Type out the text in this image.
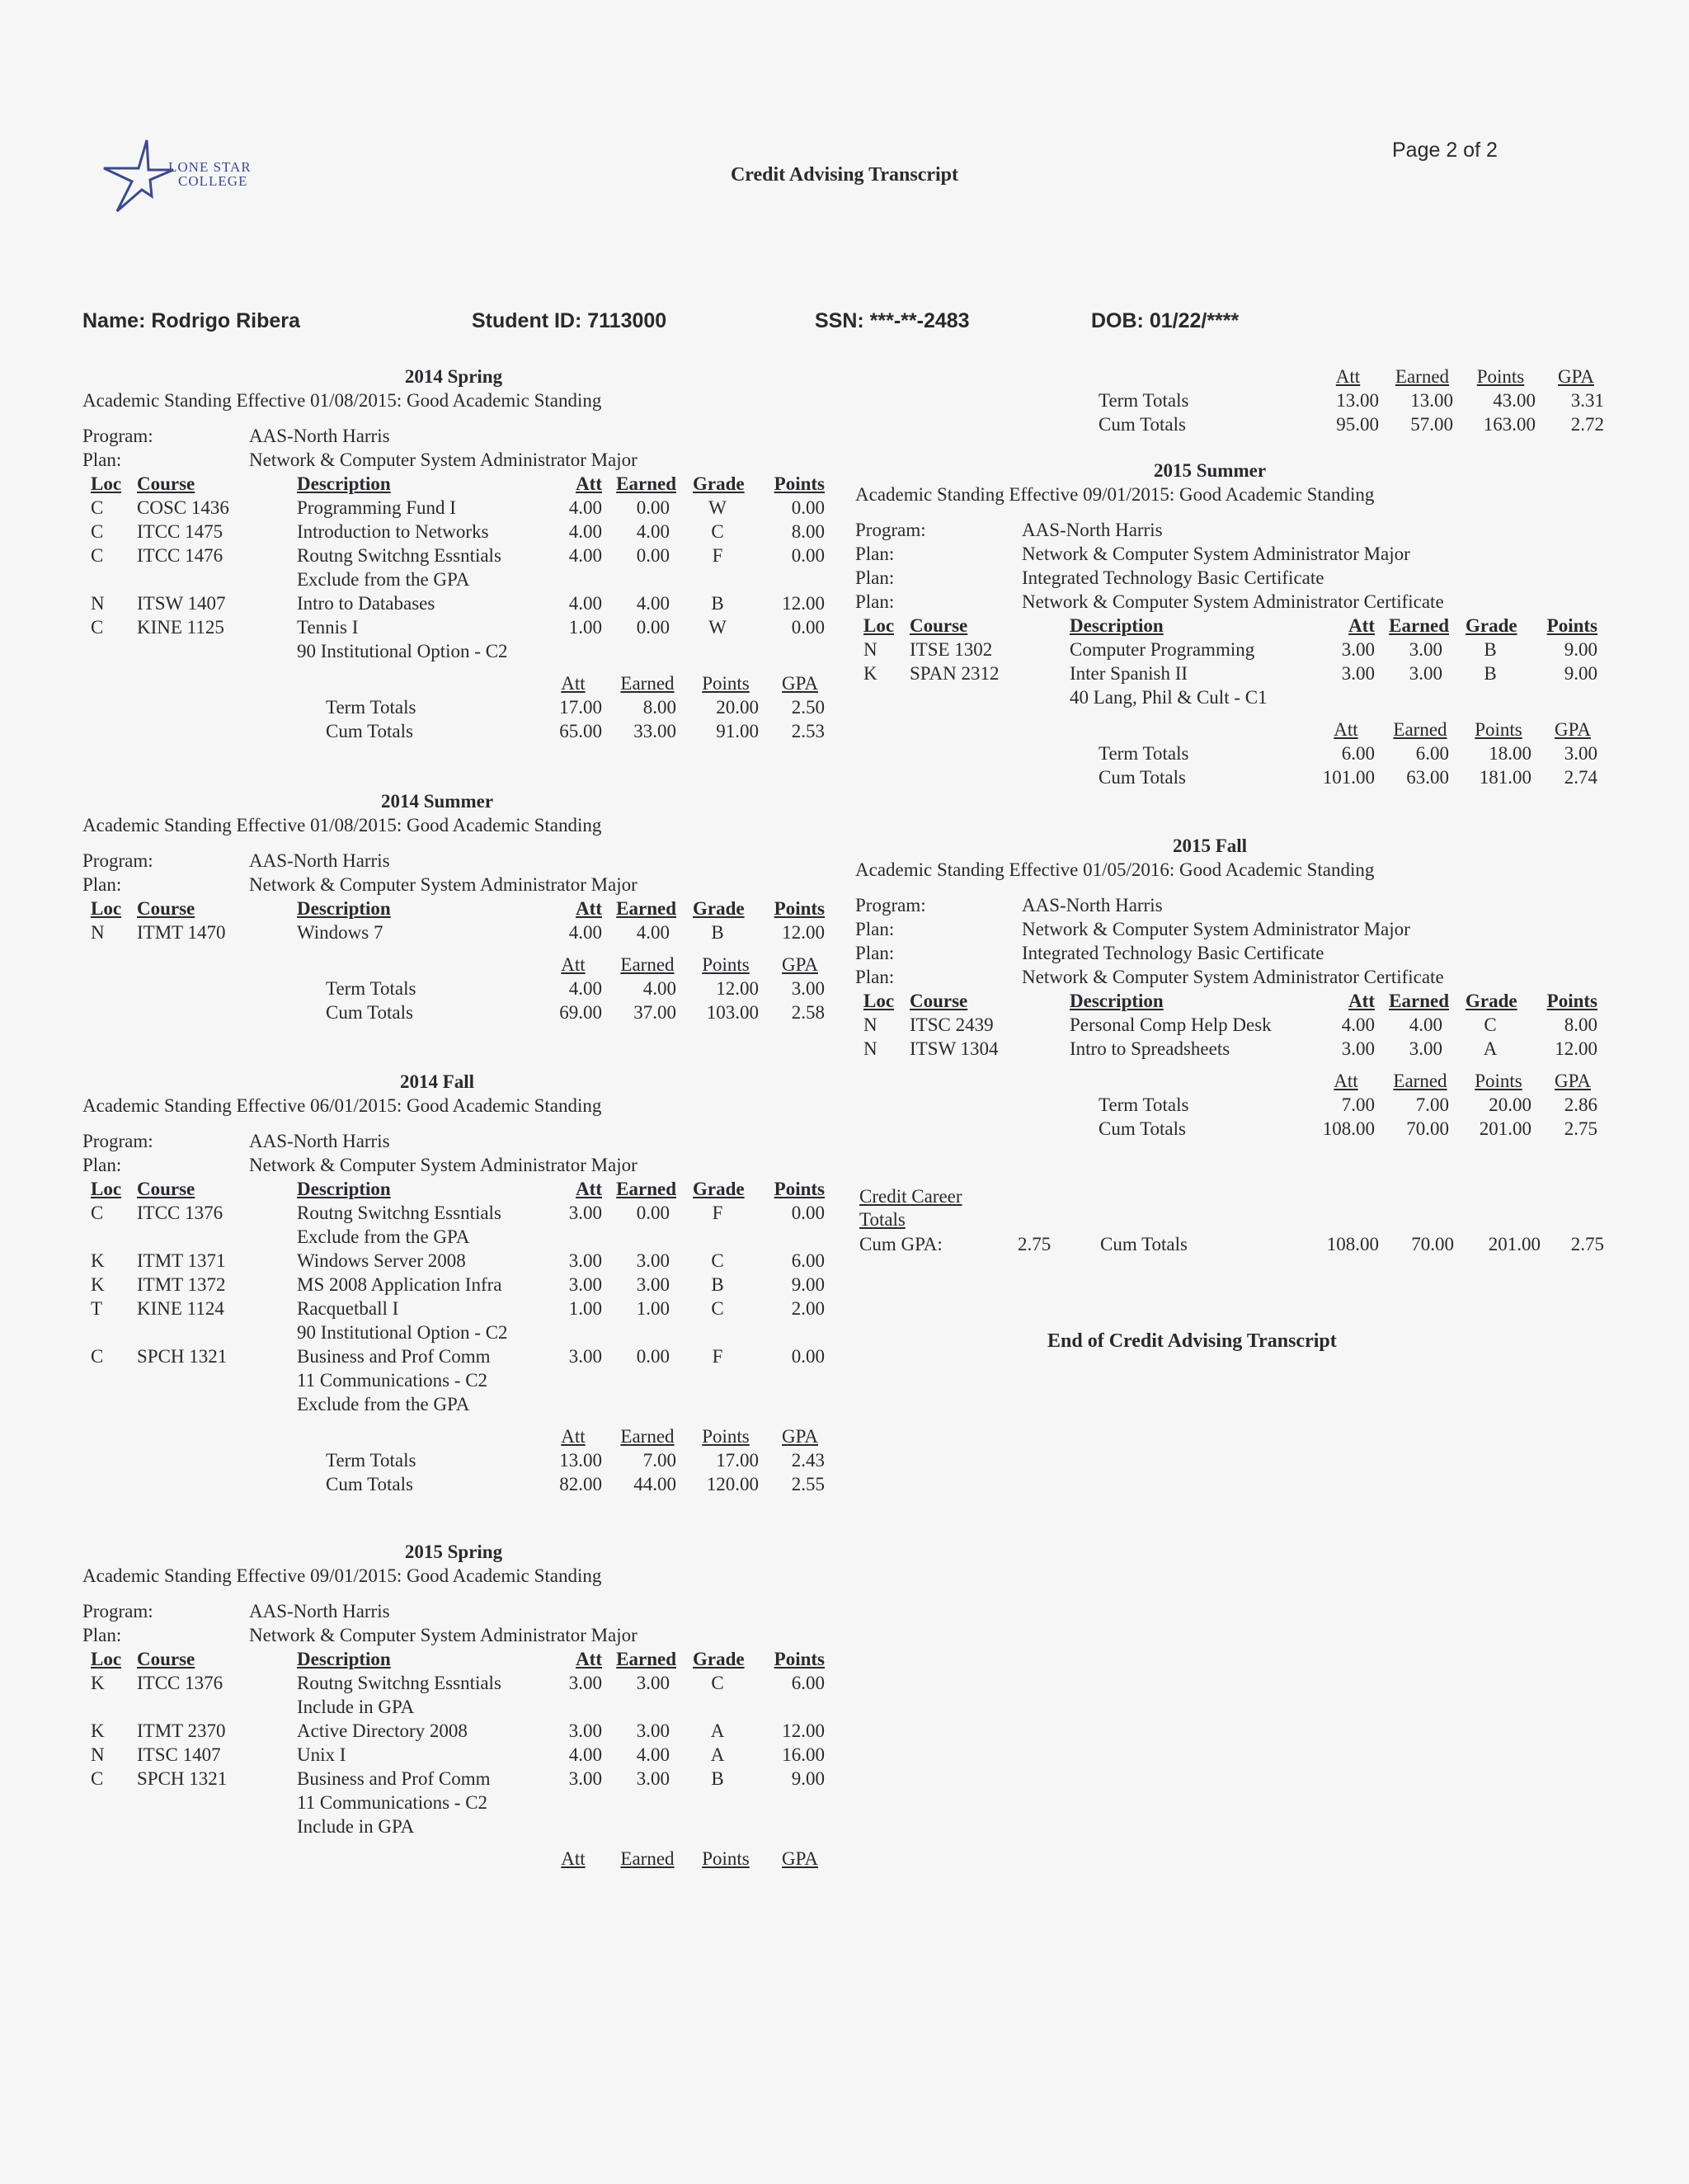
LONE STAR
COLLEGE	Credit Advising Transcript
Page 2 of 2
Name: Rodrigo Ribera	Student ID: 7113000	SSN: ***-**-2483	DOB: 01/22/****
2014 Spring
Academic Standing Effective 01/08/2015: Good Academic Standing
Program:	AAS-North Harris
Plan:	Network & Computer System Administrator Major
Loc Course	Description	Att Earned Grade	Points
C	COSC 1436	Programming Fund I	4.00	0.00	W	0.00
C	ITCC 1475	Introduction to Networks	4.00	4.00	C	8.00
C	ITCC 1476	Routng Switchng Essntials	4.00	0.00	F	0.00
Exclude from the GPA
N	ITSW 1407	Intro to Databases	4.00	4.00	B	12.00
C	KINE 1125	Tennis I	1.00	0.00	W	0.00
90 Institutional Option - C2
Att	Earned	Points	GPA
Term Totals	17.00	8.00	20.00	2.50
Cum Totals	65.00	33.00	91.00	2.53
2014 Summer
Academic Standing Effective 01/08/2015: Good Academic Standing
Program:	AAS-North Harris
Plan:	Network & Computer System Administrator Major
Loc Course	Description	Att Earned Grade	Points
N	ITMT 1470	Windows 7	4.00	4.00	B	12.00
Att	Earned	Points	GPA
Term Totals	4.00	4.00	12.00	3.00
Cum Totals	69.00	37.00	103.00	2.58
2014 Fall
Academic Standing Effective 06/01/2015: Good Academic Standing
Program:	AAS-North Harris
Plan:	Network & Computer System Administrator Major
Loc Course	Description	Att Earned Grade	Points
C	ITCC 1376	Routng Switchng Essntials	3.00	0.00	F	0.00
Exclude from the GPA
K	ITMT 1371	Windows Server 2008	3.00	3.00	C	6.00
K	ITMT 1372	MS 2008 Application Infra	3.00	3.00	B	9.00
T	KINE 1124	Racquetball I	1.00	1.00	C	2.00
90 Institutional Option - C2
C	SPCH 1321	Business and Prof Comm	3.00	0.00	F	0.00
11 Communications - C2
Exclude from the GPA
Att	Earned	Points	GPA
Term Totals	13.00	7.00	17.00	2.43
Cum Totals	82.00	44.00	120.00	2.55
2015 Spring
Academic Standing Effective 09/01/2015: Good Academic Standing
Program:	AAS-North Harris
Plan:	Network & Computer System Administrator Major
Loc Course	Description	Att Earned Grade	Points
K	ITCC 1376	Routng Switchng Essntials	3.00	3.00	C	6.00
Include in GPA
K	ITMT 2370	Active Directory 2008	3.00	3.00	A	12.00
N	ITSC 1407	Unix I	4.00	4.00	A	16.00
C	SPCH 1321	Business and Prof Comm	3.00	3.00	B	9.00
11 Communications - C2
Include in GPA
Att	Earned	Points	GPA
Att	Earned	Points	GPA
Term Totals	13.00	13.00	43.00	3.31
Cum Totals	95.00	57.00	163.00	2.72
2015 Summer
Academic Standing Effective 09/01/2015: Good Academic Standing
Program:	AAS-North Harris
Plan:	Network & Computer System Administrator Major
Plan:	Integrated Technology Basic Certificate
Plan:	Network & Computer System Administrator Certificate
Loc Course	Description	Att Earned Grade	Points
N	ITSE 1302	Computer Programming	3.00	3.00	B	9.00
K	SPAN 2312	Inter Spanish II	3.00	3.00	B	9.00
40 Lang, Phil & Cult - C1
Att	Earned	Points	GPA
Term Totals	6.00	6.00	18.00	3.00
Cum Totals	101.00	63.00	181.00	2.74
2015 Fall
Academic Standing Effective 01/05/2016: Good Academic Standing
Program:	AAS-North Harris
Plan:	Network & Computer System Administrator Major
Plan:	Integrated Technology Basic Certificate
Plan:	Network & Computer System Administrator Certificate
Loc Course	Description	Att Earned Grade	Points
N	ITSC 2439	Personal Comp Help Desk	4.00	4.00	C	8.00
N	ITSW 1304	Intro to Spreadsheets	3.00	3.00	A	12.00
Att	Earned	Points	GPA
Term Totals	7.00	7.00	20.00	2.86
Cum Totals	108.00	70.00	201.00	2.75
Credit Career
Totals
Cum GPA:	2.75	Cum Totals	108.00	70.00	201.00	2.75
End of Credit Advising Transcript
